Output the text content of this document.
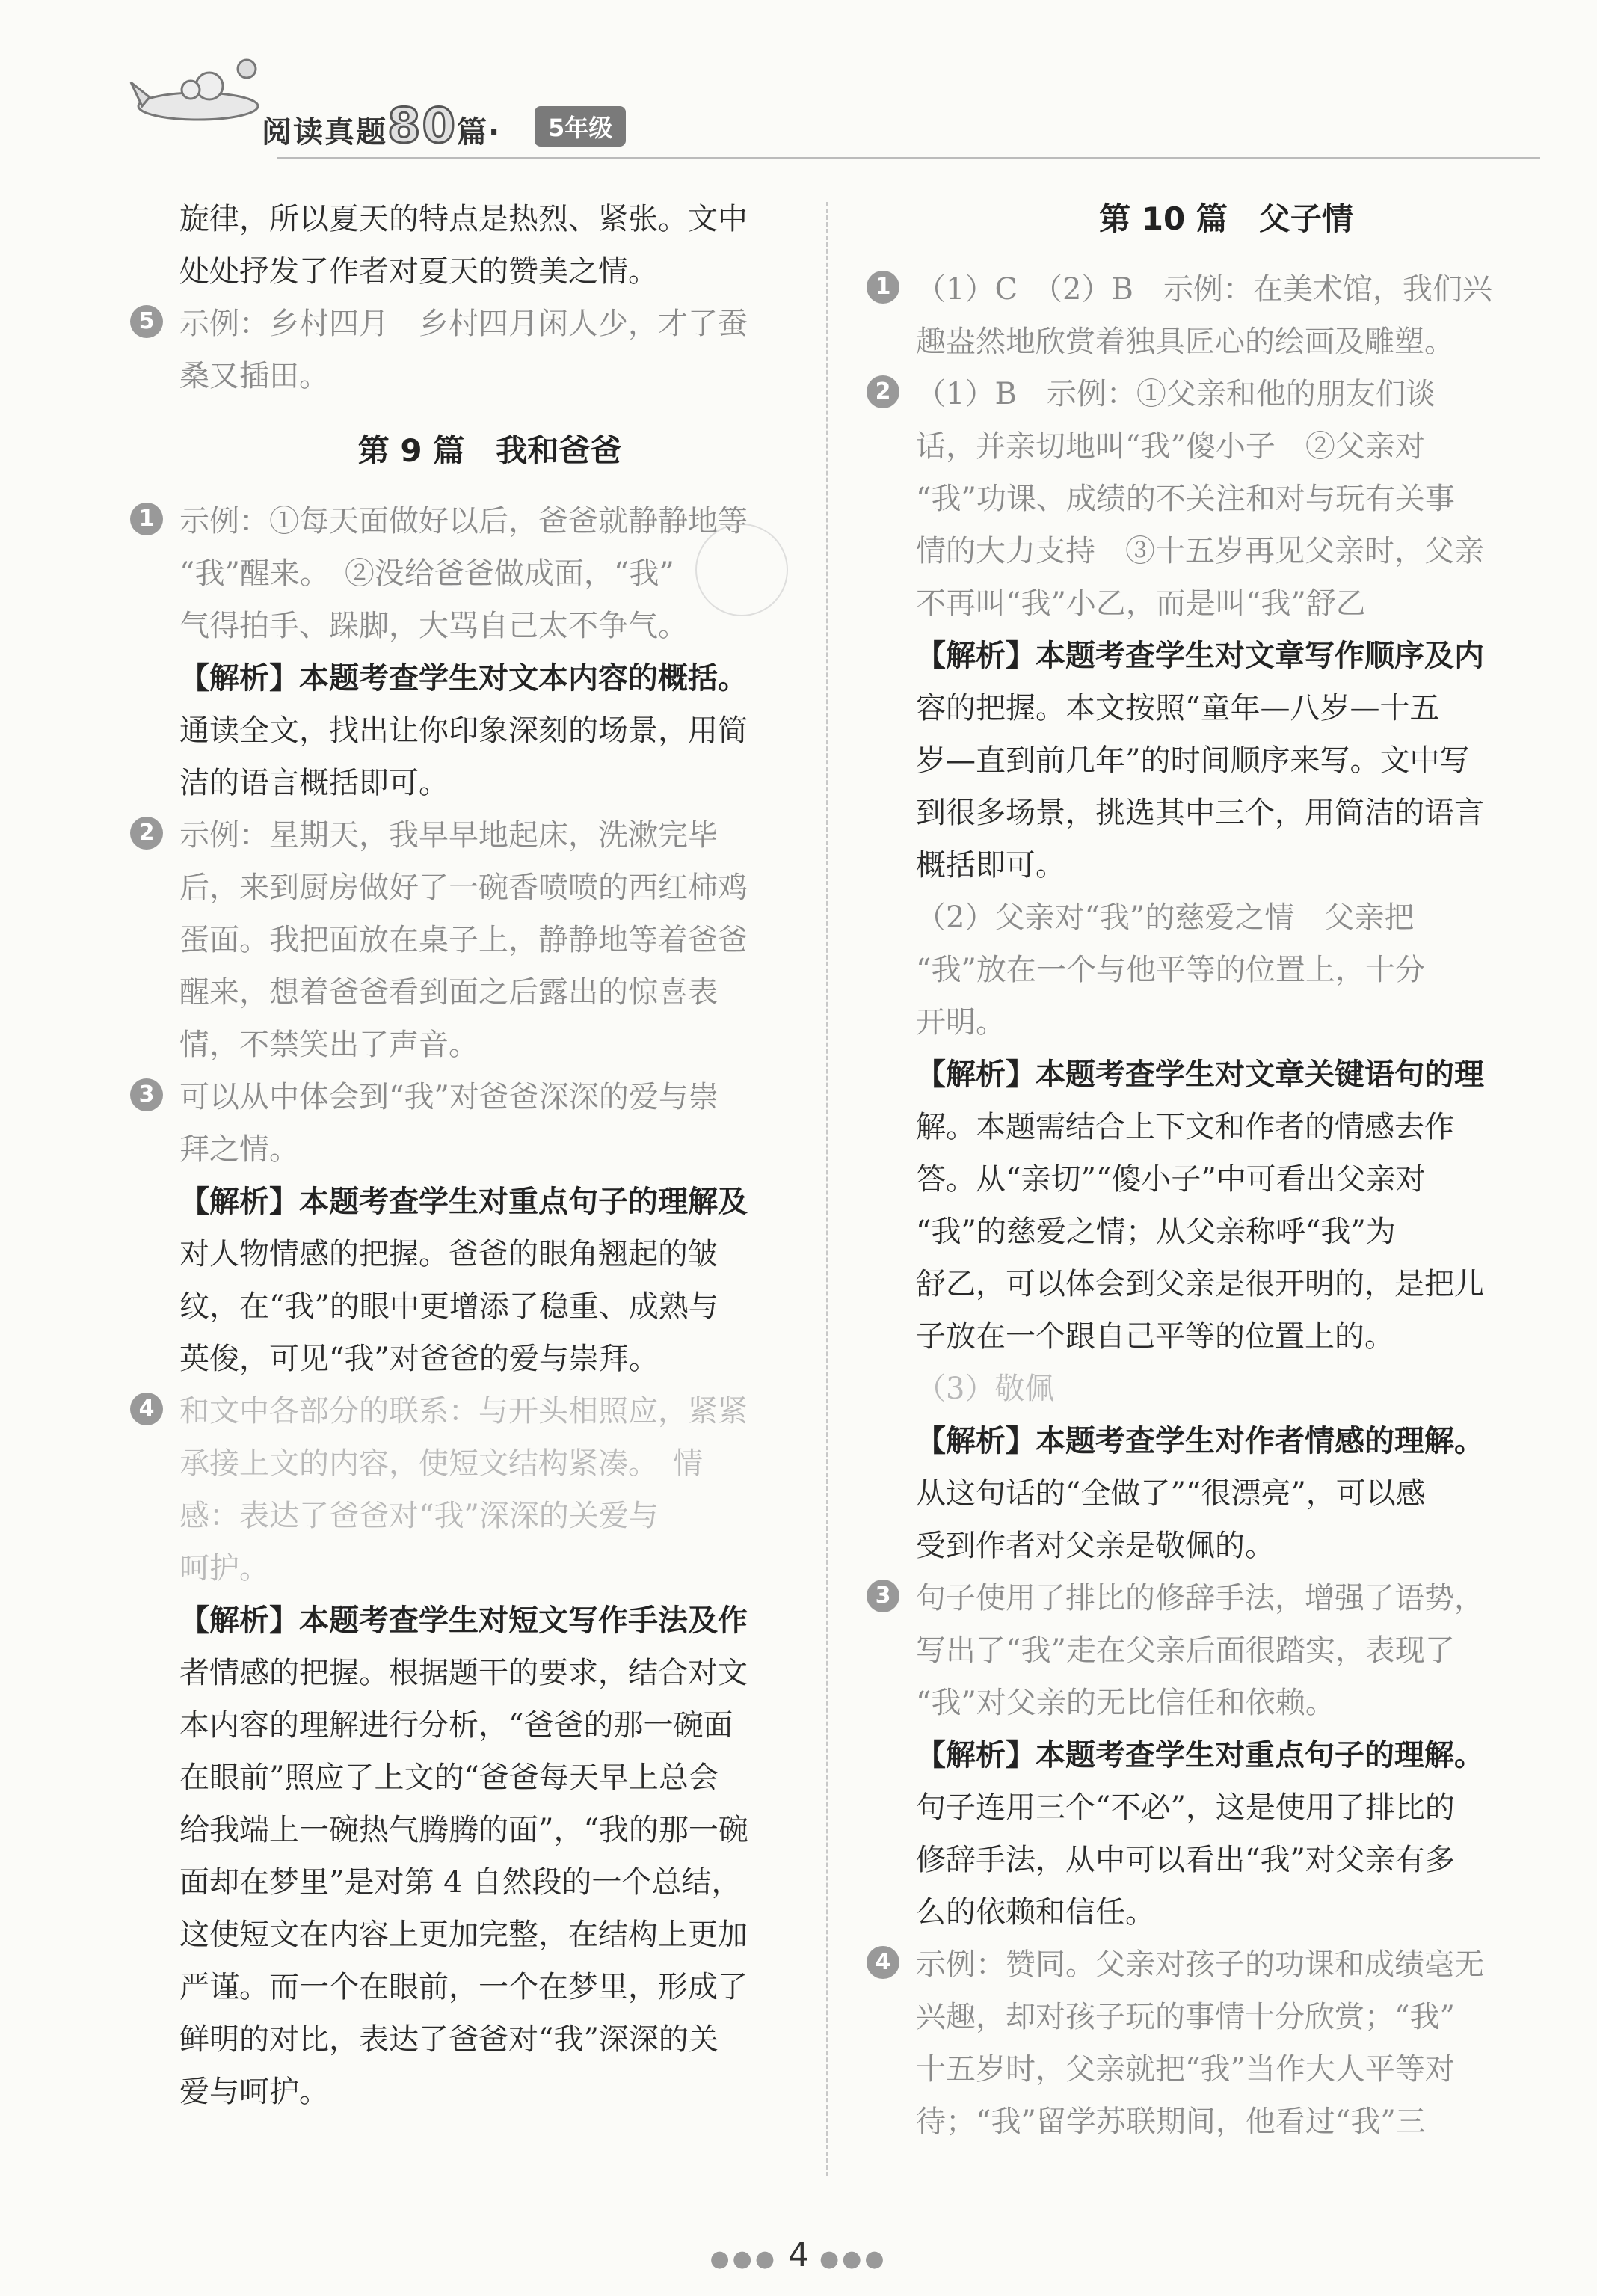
阅读真题80篇·	5年级
旋律，所以夏天的特点是热烈、紧张。文中
处处抒发了作者对夏天的赞美之情。
5 示例：乡村四月　乡村四月闲人少，才了蚕
桑又插田。
第 9 篇　我和爸爸
1 示例：①每天面做好以后，爸爸就静静地等
“我”醒来。　②没给爸爸做成面，“我”
气得拍手、跺脚，大骂自己太不争气。
【解析】本题考查学生对文本内容的概括。
通读全文，找出让你印象深刻的场景，用简
洁的语言概括即可。
2 示例：星期天，我早早地起床，洗漱完毕
后，来到厨房做好了一碗香喷喷的西红柿鸡
蛋面。我把面放在桌子上，静静地等着爸爸
醒来，想着爸爸看到面之后露出的惊喜表
情，不禁笑出了声音。
3 可以从中体会到“我”对爸爸深深的爱与崇
拜之情。
【解析】本题考查学生对重点句子的理解及
对人物情感的把握。爸爸的眼角翘起的皱
纹，在“我”的眼中更增添了稳重、成熟与
英俊，可见“我”对爸爸的爱与崇拜。
4 和文中各部分的联系：与开头相照应，紧紧
承接上文的内容，使短文结构紧凑。　情
感：表达了爸爸对“我”深深的关爱与
呵护。
【解析】本题考查学生对短文写作手法及作
者情感的把握。根据题干的要求，结合对文
本内容的理解进行分析，“爸爸的那一碗面
在眼前”照应了上文的“爸爸每天早上总会
给我端上一碗热气腾腾的面”，“我的那一碗
面却在梦里”是对第 4 自然段的一个总结，
这使短文在内容上更加完整，在结构上更加
严谨。而一个在眼前，一个在梦里，形成了
鲜明的对比，表达了爸爸对“我”深深的关
爱与呵护。
第 10 篇　父子情
1 （1）C　（2）B　示例：在美术馆，我们兴
趣盎然地欣赏着独具匠心的绘画及雕塑。
2 （1）B　示例：①父亲和他的朋友们谈
话，并亲切地叫“我”傻小子　②父亲对
“我”功课、成绩的不关注和对与玩有关事
情的大力支持　③十五岁再见父亲时，父亲
不再叫“我”小乙，而是叫“我”舒乙
【解析】本题考查学生对文章写作顺序及内
容的把握。本文按照“童年—八岁—十五
岁—直到前几年”的时间顺序来写。文中写
到很多场景，挑选其中三个，用简洁的语言
概括即可。
（2）父亲对“我”的慈爱之情　父亲把
“我”放在一个与他平等的位置上，十分
开明。
【解析】本题考查学生对文章关键语句的理
解。本题需结合上下文和作者的情感去作
答。从“亲切”“傻小子”中可看出父亲对
“我”的慈爱之情；从父亲称呼“我”为
舒乙，可以体会到父亲是很开明的，是把儿
子放在一个跟自己平等的位置上的。
（3）敬佩
【解析】本题考查学生对作者情感的理解。
从这句话的“全做了”“很漂亮”，可以感
受到作者对父亲是敬佩的。
3 句子使用了排比的修辞手法，增强了语势，
写出了“我”走在父亲后面很踏实，表现了
“我”对父亲的无比信任和依赖。
【解析】本题考查学生对重点句子的理解。
句子连用三个“不必”，这是使用了排比的
修辞手法，从中可以看出“我”对父亲有多
么的依赖和信任。
4 示例：赞同。父亲对孩子的功课和成绩毫无
兴趣，却对孩子玩的事情十分欣赏；“我”
十五岁时，父亲就把“我”当作大人平等对
待；“我”留学苏联期间，他看过“我”三
●●● 4 ●●●
